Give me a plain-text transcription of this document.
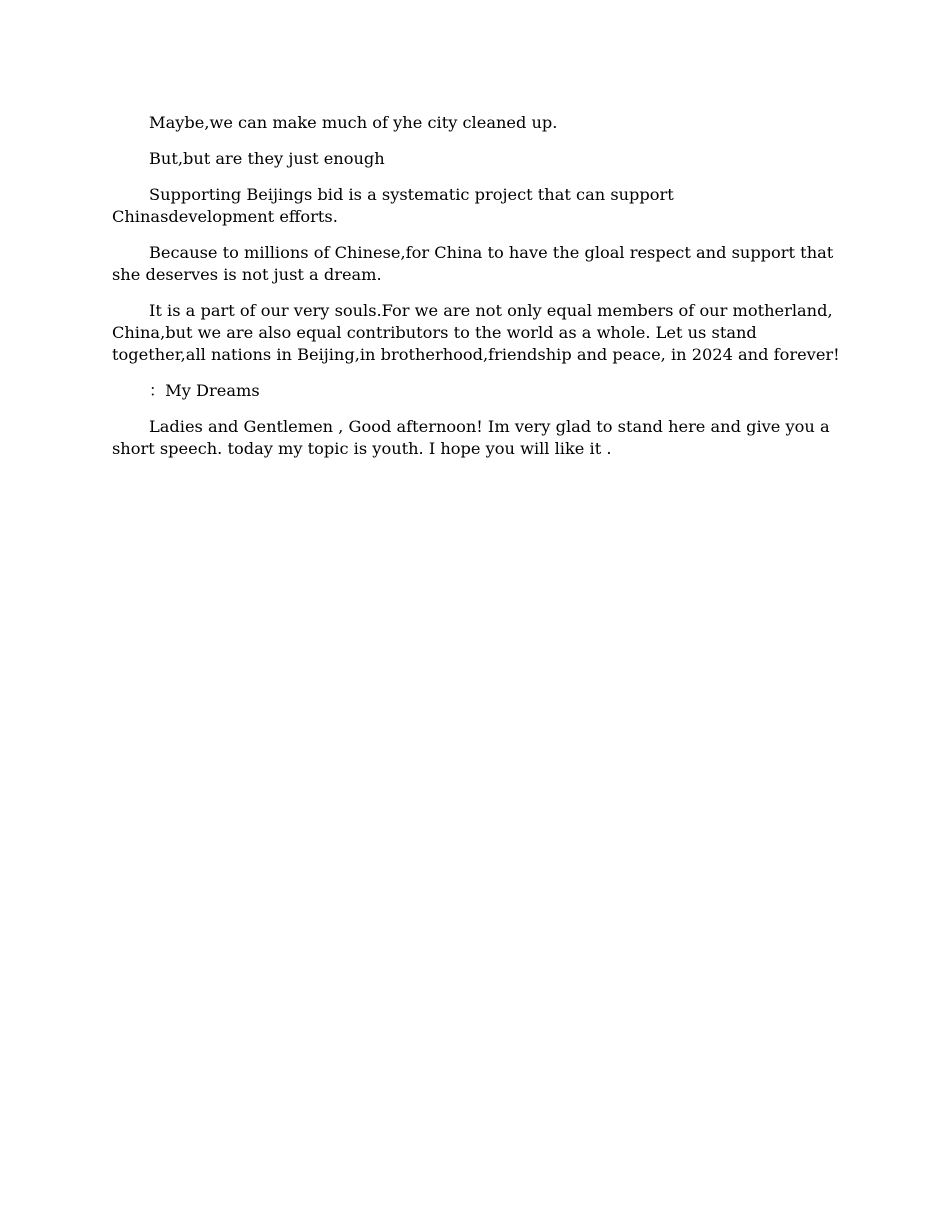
Maybe,we can make much of yhe city cleaned up.

But,but are they just enough

Supporting Beijings bid is a systematic project that can support Chinasdevelopment efforts.

Because to millions of Chinese,for China to have the gloal respect and support that she deserves is not just a dream.

It is a part of our very souls.For we are not only equal members of our motherland, China,but we are also equal contributors to the world as a whole. Let us stand together,all nations in Beijing,in brotherhood,friendship and peace, in 2024 and forever!

：My Dreams

Ladies and Gentlemen , Good afternoon! Im very glad to stand here and give you a short speech. today my topic is youth. I hope you will like it .
